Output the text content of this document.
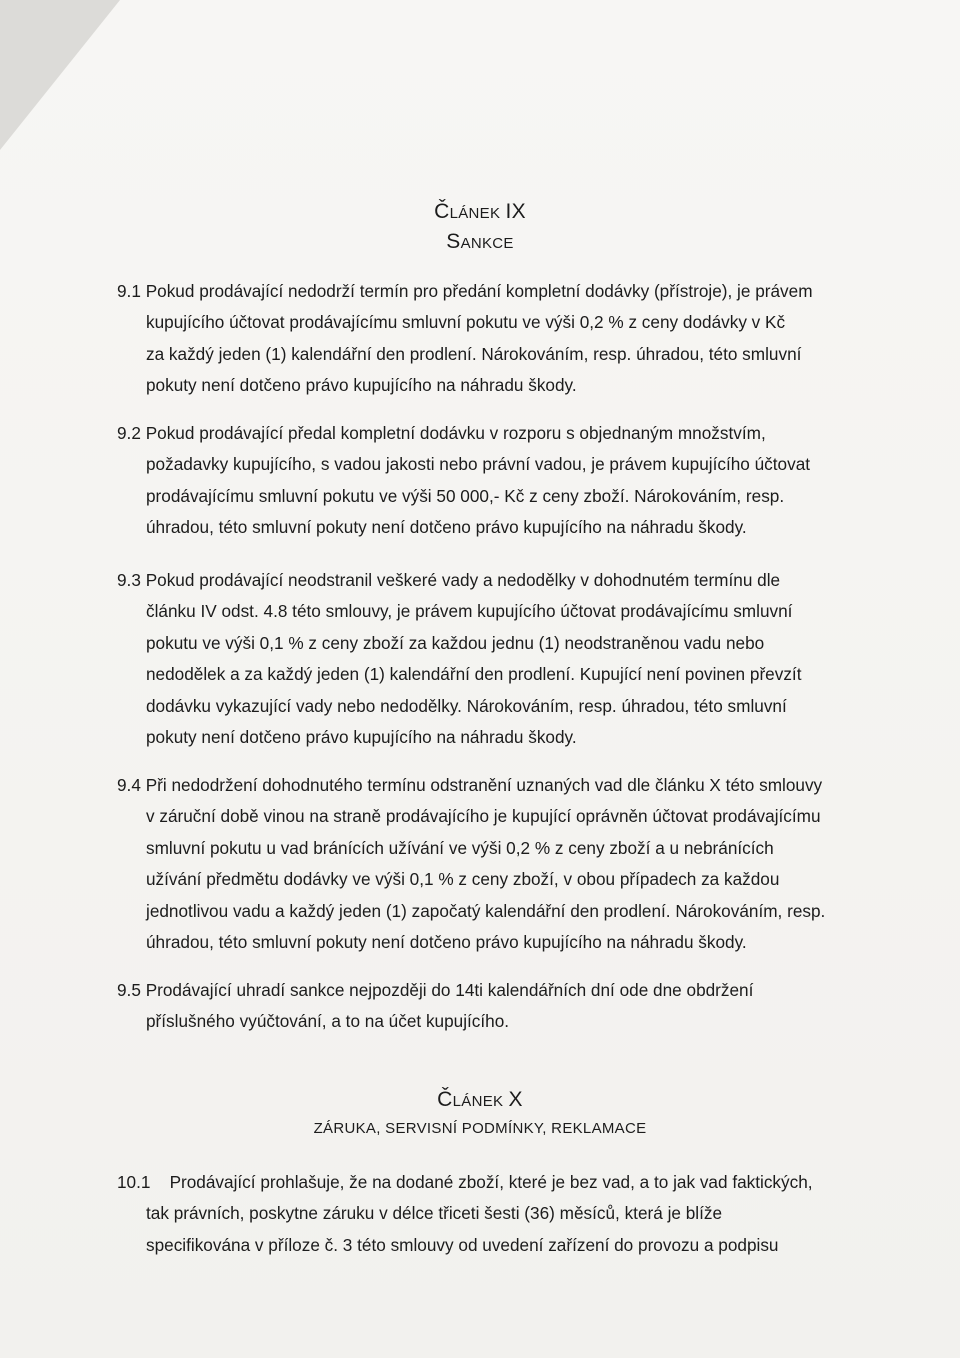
ČLÁNEK IX
SANKCE
9.1 Pokud prodávající nedodrží termín pro předání kompletní dodávky (přístroje), je právem
kupujícího účtovat prodávajícímu smluvní pokutu ve výši 0,2 % z ceny dodávky v Kč
za každý jeden (1) kalendářní den prodlení. Nárokováním, resp. úhradou, této smluvní
pokuty není dotčeno právo kupujícího na náhradu škody.
9.2 Pokud prodávající předal kompletní dodávku v rozporu s objednaným množstvím,
požadavky kupujícího, s vadou jakosti nebo právní vadou, je právem kupujícího účtovat
prodávajícímu smluvní pokutu ve výši 50 000,- Kč z ceny zboží. Nárokováním, resp.
úhradou, této smluvní pokuty není dotčeno právo kupujícího na náhradu škody.
9.3 Pokud prodávající neodstranil veškeré vady a nedodělky v dohodnutém termínu dle
článku IV odst. 4.8 této smlouvy, je právem kupujícího účtovat prodávajícímu smluvní
pokutu ve výši 0,1 % z ceny zboží za každou jednu (1) neodstraněnou vadu nebo
nedodělek a za každý jeden (1) kalendářní den prodlení. Kupující není povinen převzít
dodávku vykazující vady nebo nedodělky. Nárokováním, resp. úhradou, této smluvní
pokuty není dotčeno právo kupujícího na náhradu škody.
9.4 Při nedodržení dohodnutého termínu odstranění uznaných vad dle článku X této smlouvy
v záruční době vinou na straně prodávajícího je kupující oprávněn účtovat prodávajícímu
smluvní pokutu u vad bránících užívání ve výši 0,2 % z ceny zboží a u nebránících
užívání předmětu dodávky ve výši 0,1 % z ceny zboží, v obou případech za každou
jednotlivou vadu a každý jeden (1) započatý kalendářní den prodlení. Nárokováním, resp.
úhradou, této smluvní pokuty není dotčeno právo kupujícího na náhradu škody.
9.5 Prodávající uhradí sankce nejpozději do 14ti kalendářních dní ode dne obdržení
příslušného vyúčtování, a to na účet kupujícího.
ČLÁNEK X
ZÁRUKA, SERVISNÍ PODMÍNKY, REKLAMACE
10.1 Prodávající prohlašuje, že na dodané zboží, které je bez vad, a to jak vad faktických,
tak právních, poskytne záruku v délce třiceti šesti (36) měsíců, která je blíže
specifikována v příloze č. 3 této smlouvy od uvedení zařízení do provozu a podpisu
